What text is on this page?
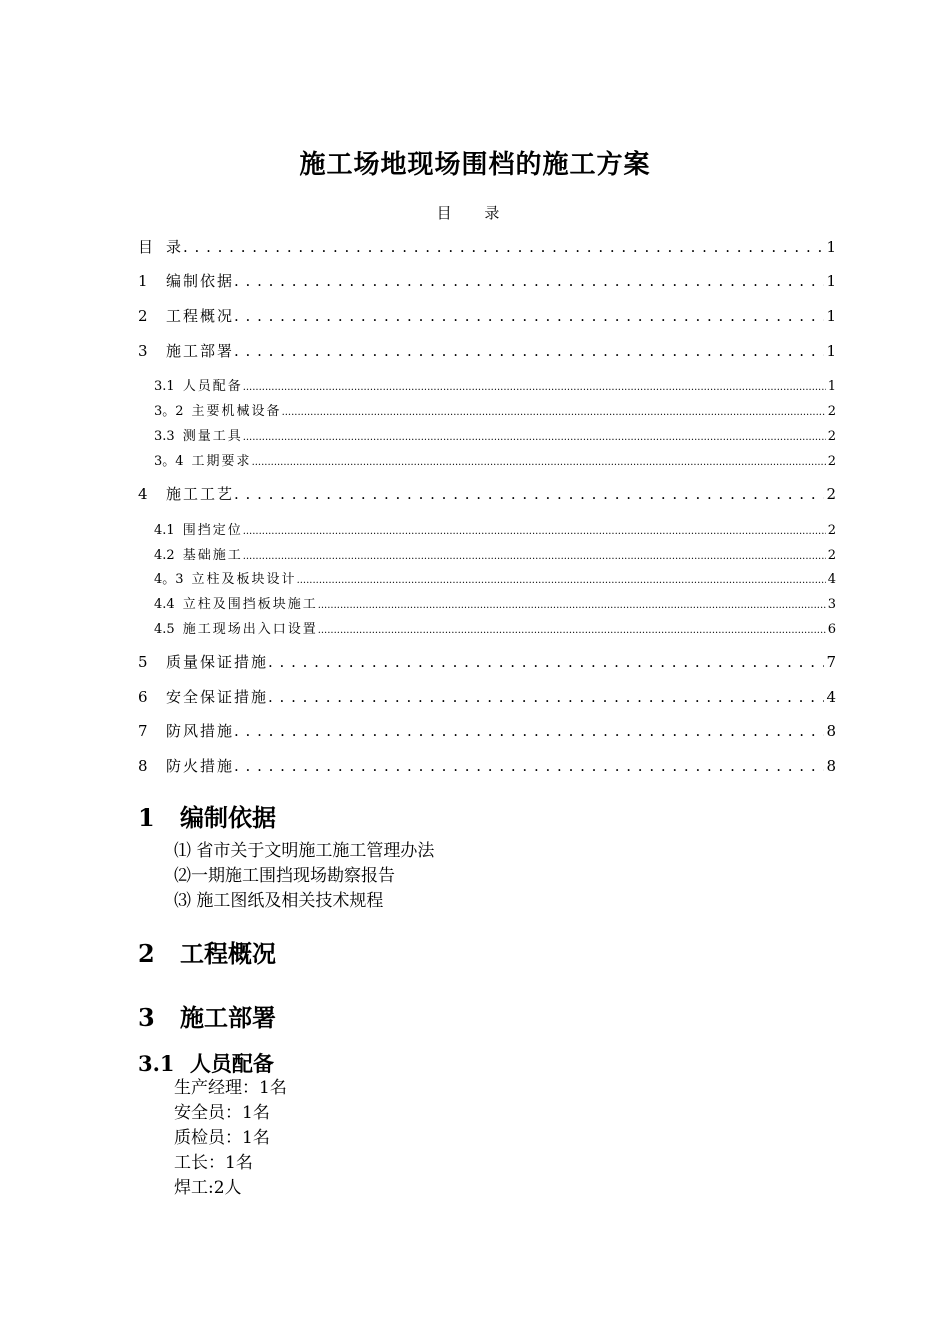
施工场地现场围档的施工方案
目 录
目 录 . . .	1
1	编制依据 . . .	1
2	工程概况 . . .	1
3	施工部署 . . .	1
3.1 人员配备 .....	1
3。2 主要机械设备 .....	2
3.3 测量工具 .....	2
3。4 工期要求 .....	2
4	施工工艺 . . .	2
4.1 围挡定位 .....	2
4.2 基础施工 .....	2
4。3 立柱及板块设计 .....	4
4.4 立柱及围挡板块施工 .....	3
4.5 施工现场出入口设置 .....	6
5	质量保证措施 . . .	7
6	安全保证措施 . . .	4
7	防风措施 . . .	8
8	防火措施 . . .	8
1	编制依据
⑴ 省市关于文明施工施工管理办法
⑵一期施工围挡现场勘察报告
⑶ 施工图纸及相关技术规程
2	工程概况
3	施工部署
3.1 人员配备
生产经理：1名
安全员：1名
质检员：1名
工长：1名
焊工:2人
